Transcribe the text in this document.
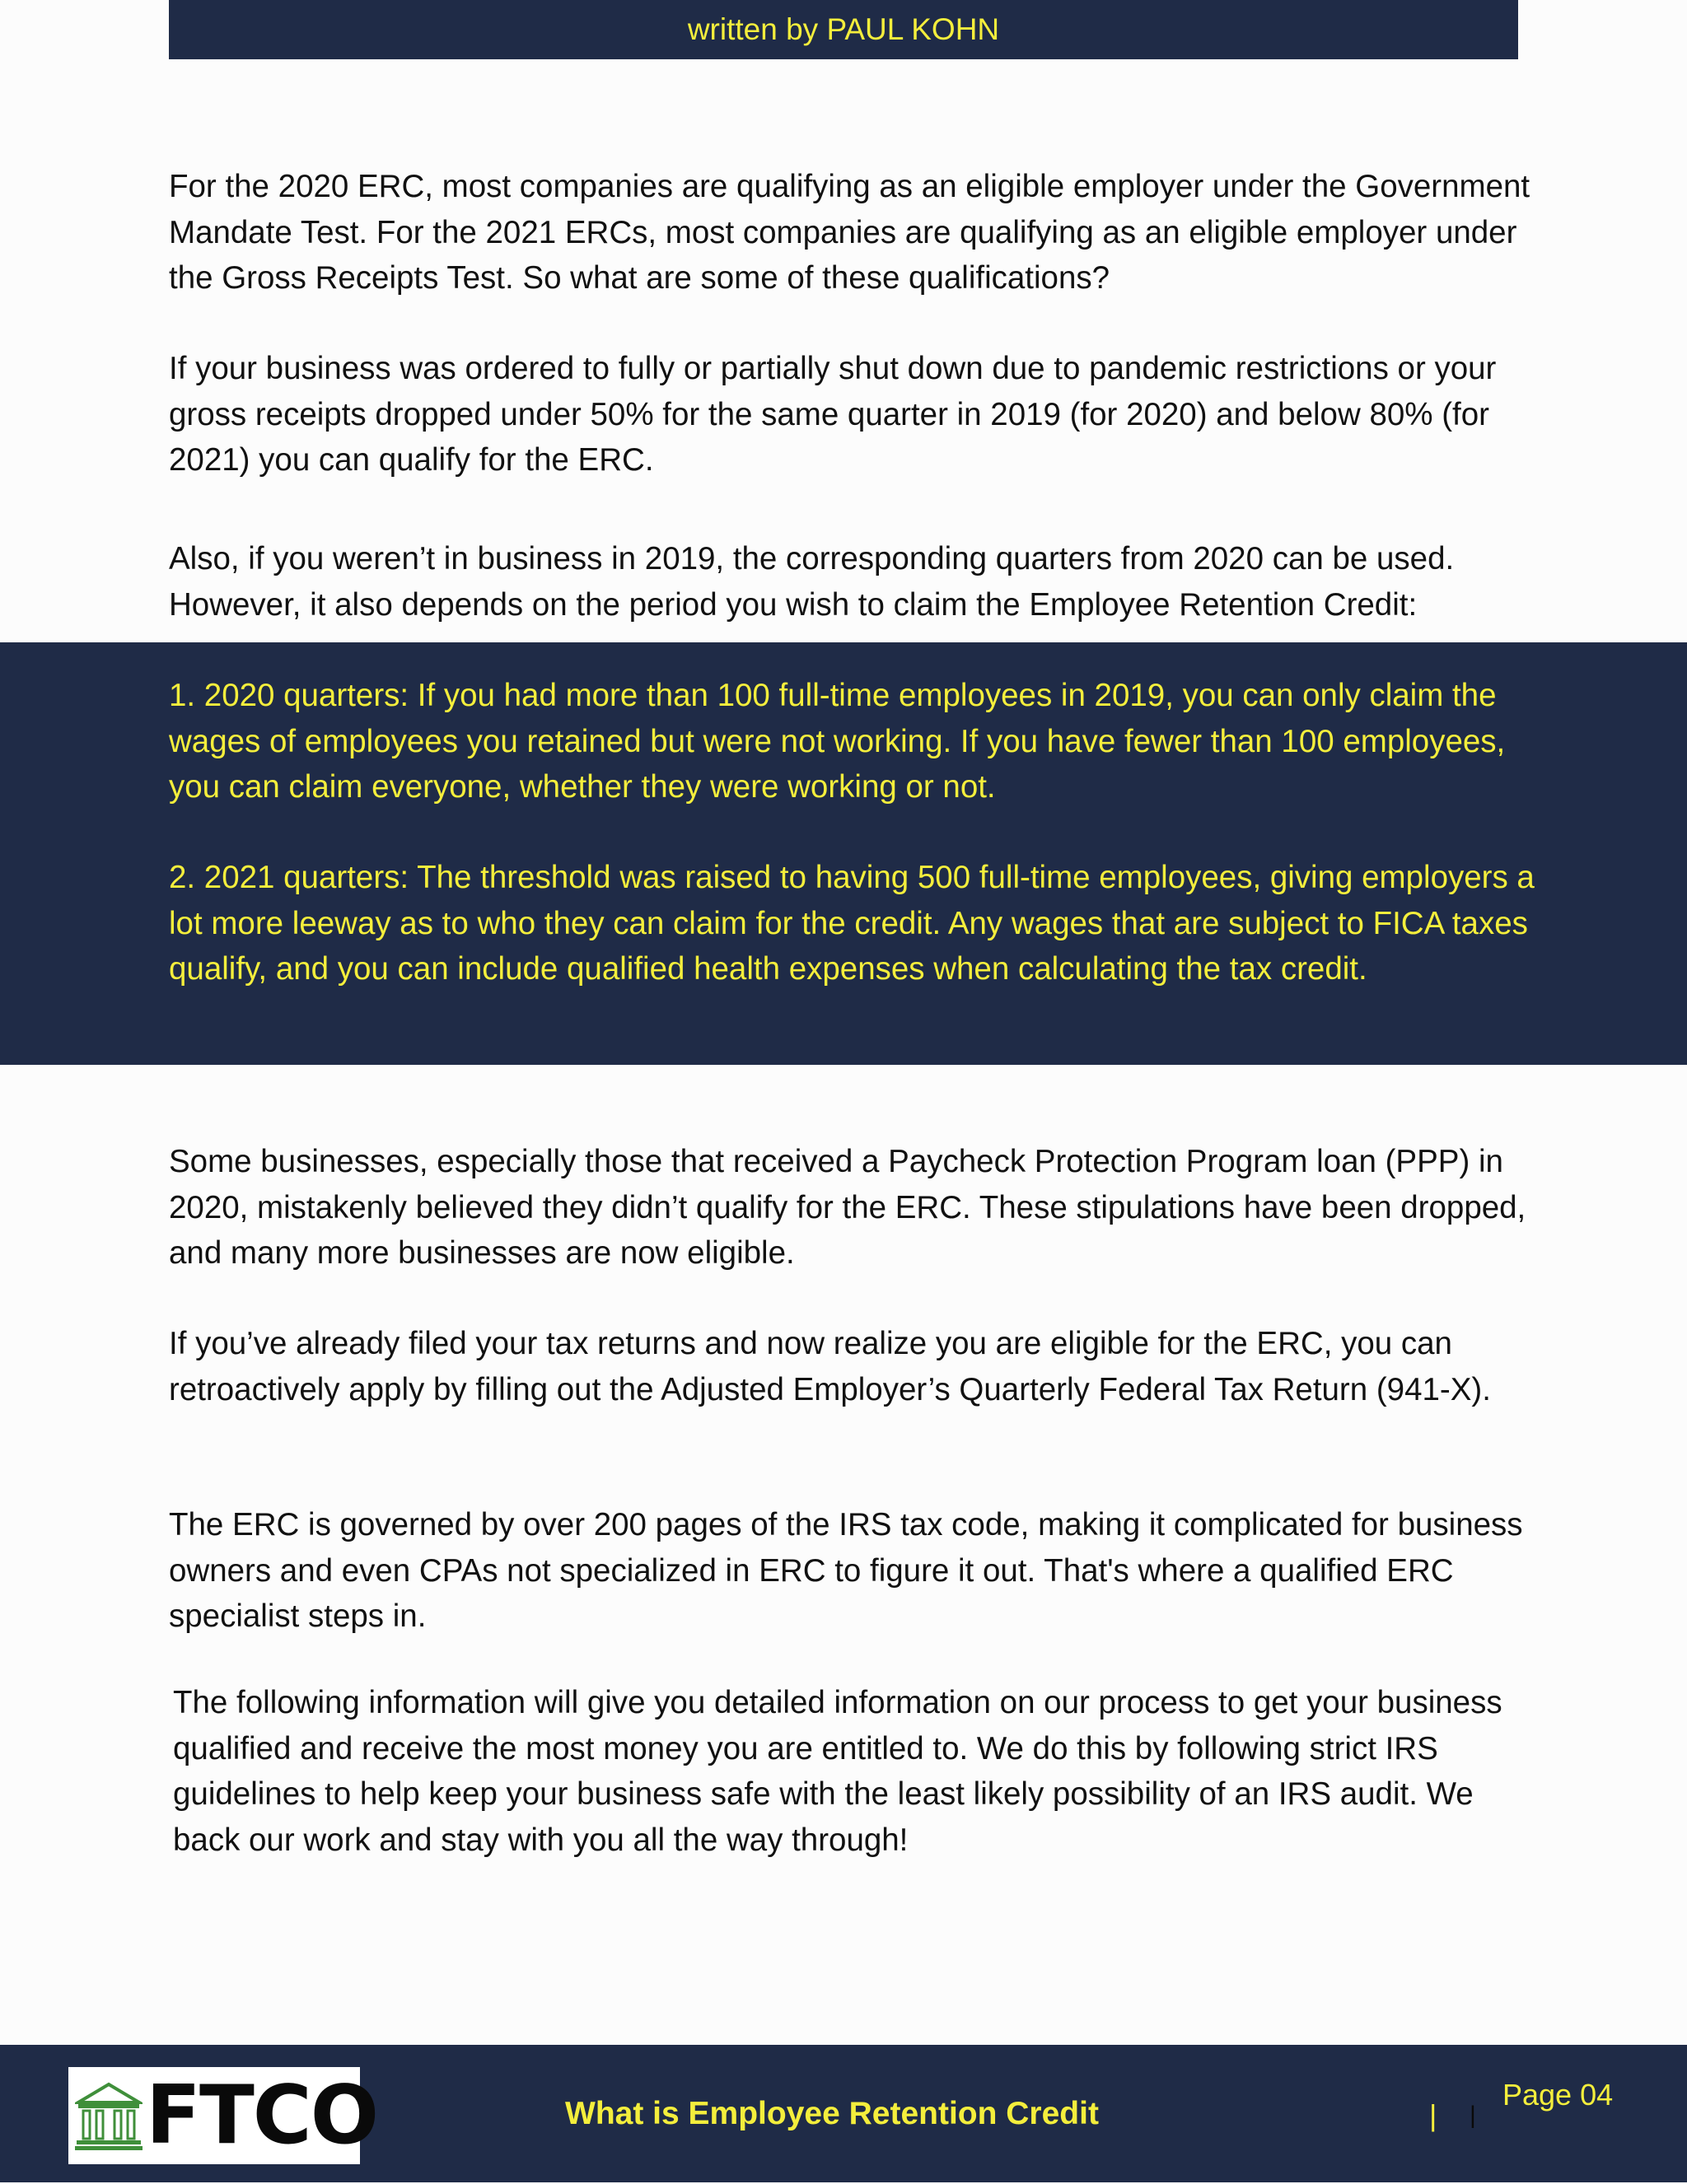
written by PAUL KOHN

For the 2020 ERC, most companies are qualifying as an eligible employer under the Government Mandate Test. For the 2021 ERCs, most companies are qualifying as an eligible employer under the Gross Receipts Test. So what are some of these qualifications?

If your business was ordered to fully or partially shut down due to pandemic restrictions or your gross receipts dropped under 50% for the same quarter in 2019 (for 2020) and below 80% (for 2021) you can qualify for the ERC.

Also, if you weren’t in business in 2019, the corresponding quarters from 2020 can be used. However, it also depends on the period you wish to claim the Employee Retention Credit:

1. 2020 quarters: If you had more than 100 full-time employees in 2019, you can only claim the wages of employees you retained but were not working. If you have fewer than 100 employees, you can claim everyone, whether they were working or not.

2. 2021 quarters: The threshold was raised to having 500 full-time employees, giving employers a lot more leeway as to who they can claim for the credit. Any wages that are subject to FICA taxes qualify, and you can include qualified health expenses when calculating the tax credit.

Some businesses, especially those that received a Paycheck Protection Program loan (PPP) in 2020, mistakenly believed they didn’t qualify for the ERC. These stipulations have been dropped, and many more businesses are now eligible.

If you’ve already filed your tax returns and now realize you are eligible for the ERC, you can retroactively apply by filling out the Adjusted Employer’s Quarterly Federal Tax Return (941-X).

The ERC is governed by over 200 pages of the IRS tax code, making it complicated for business owners and even CPAs not specialized in ERC to figure it out. That's where a qualified ERC specialist steps in.

The following information will give you detailed information on our process to get your business qualified and receive the most money you are entitled to. We do this by following strict IRS guidelines to help keep your business safe with the least likely possibility of an IRS audit. We back our work and stay with you all the way through!

FTCO	What is Employee Retention Credit	| |
Page 04
